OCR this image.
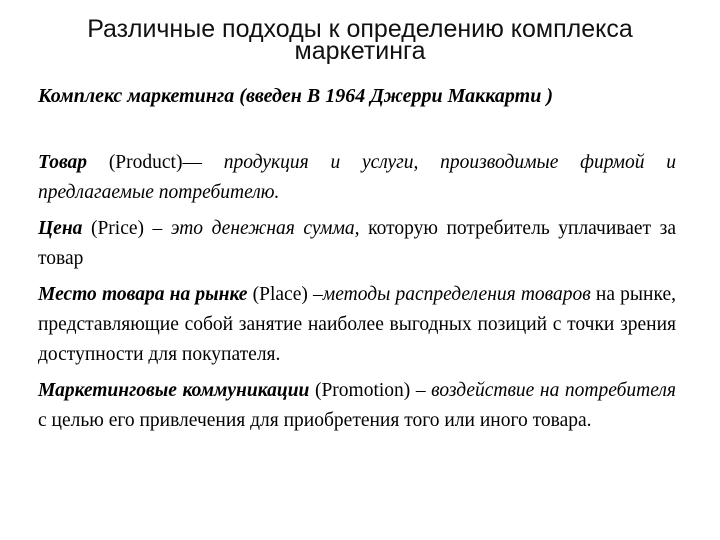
Различные подходы к определению комплекса
маркетинга
Комплекс маркетинга (введен В 1964 Джерри Маккарти )

Товар (Product)— продукция и услуги, производимые фирмой и предлагаемые потребителю.

Цена (Price) – это денежная сумма, которую потребитель уплачивает за товар

Место товара на рынке (Place) –методы распределения товаров на рынке, представляющие собой занятие наиболее выгодных позиций с точки зрения доступности для покупателя.

Маркетинговые коммуникации (Promotion) – воздействие на потребителя с целью его привлечения для приобретения того или иного товара.
